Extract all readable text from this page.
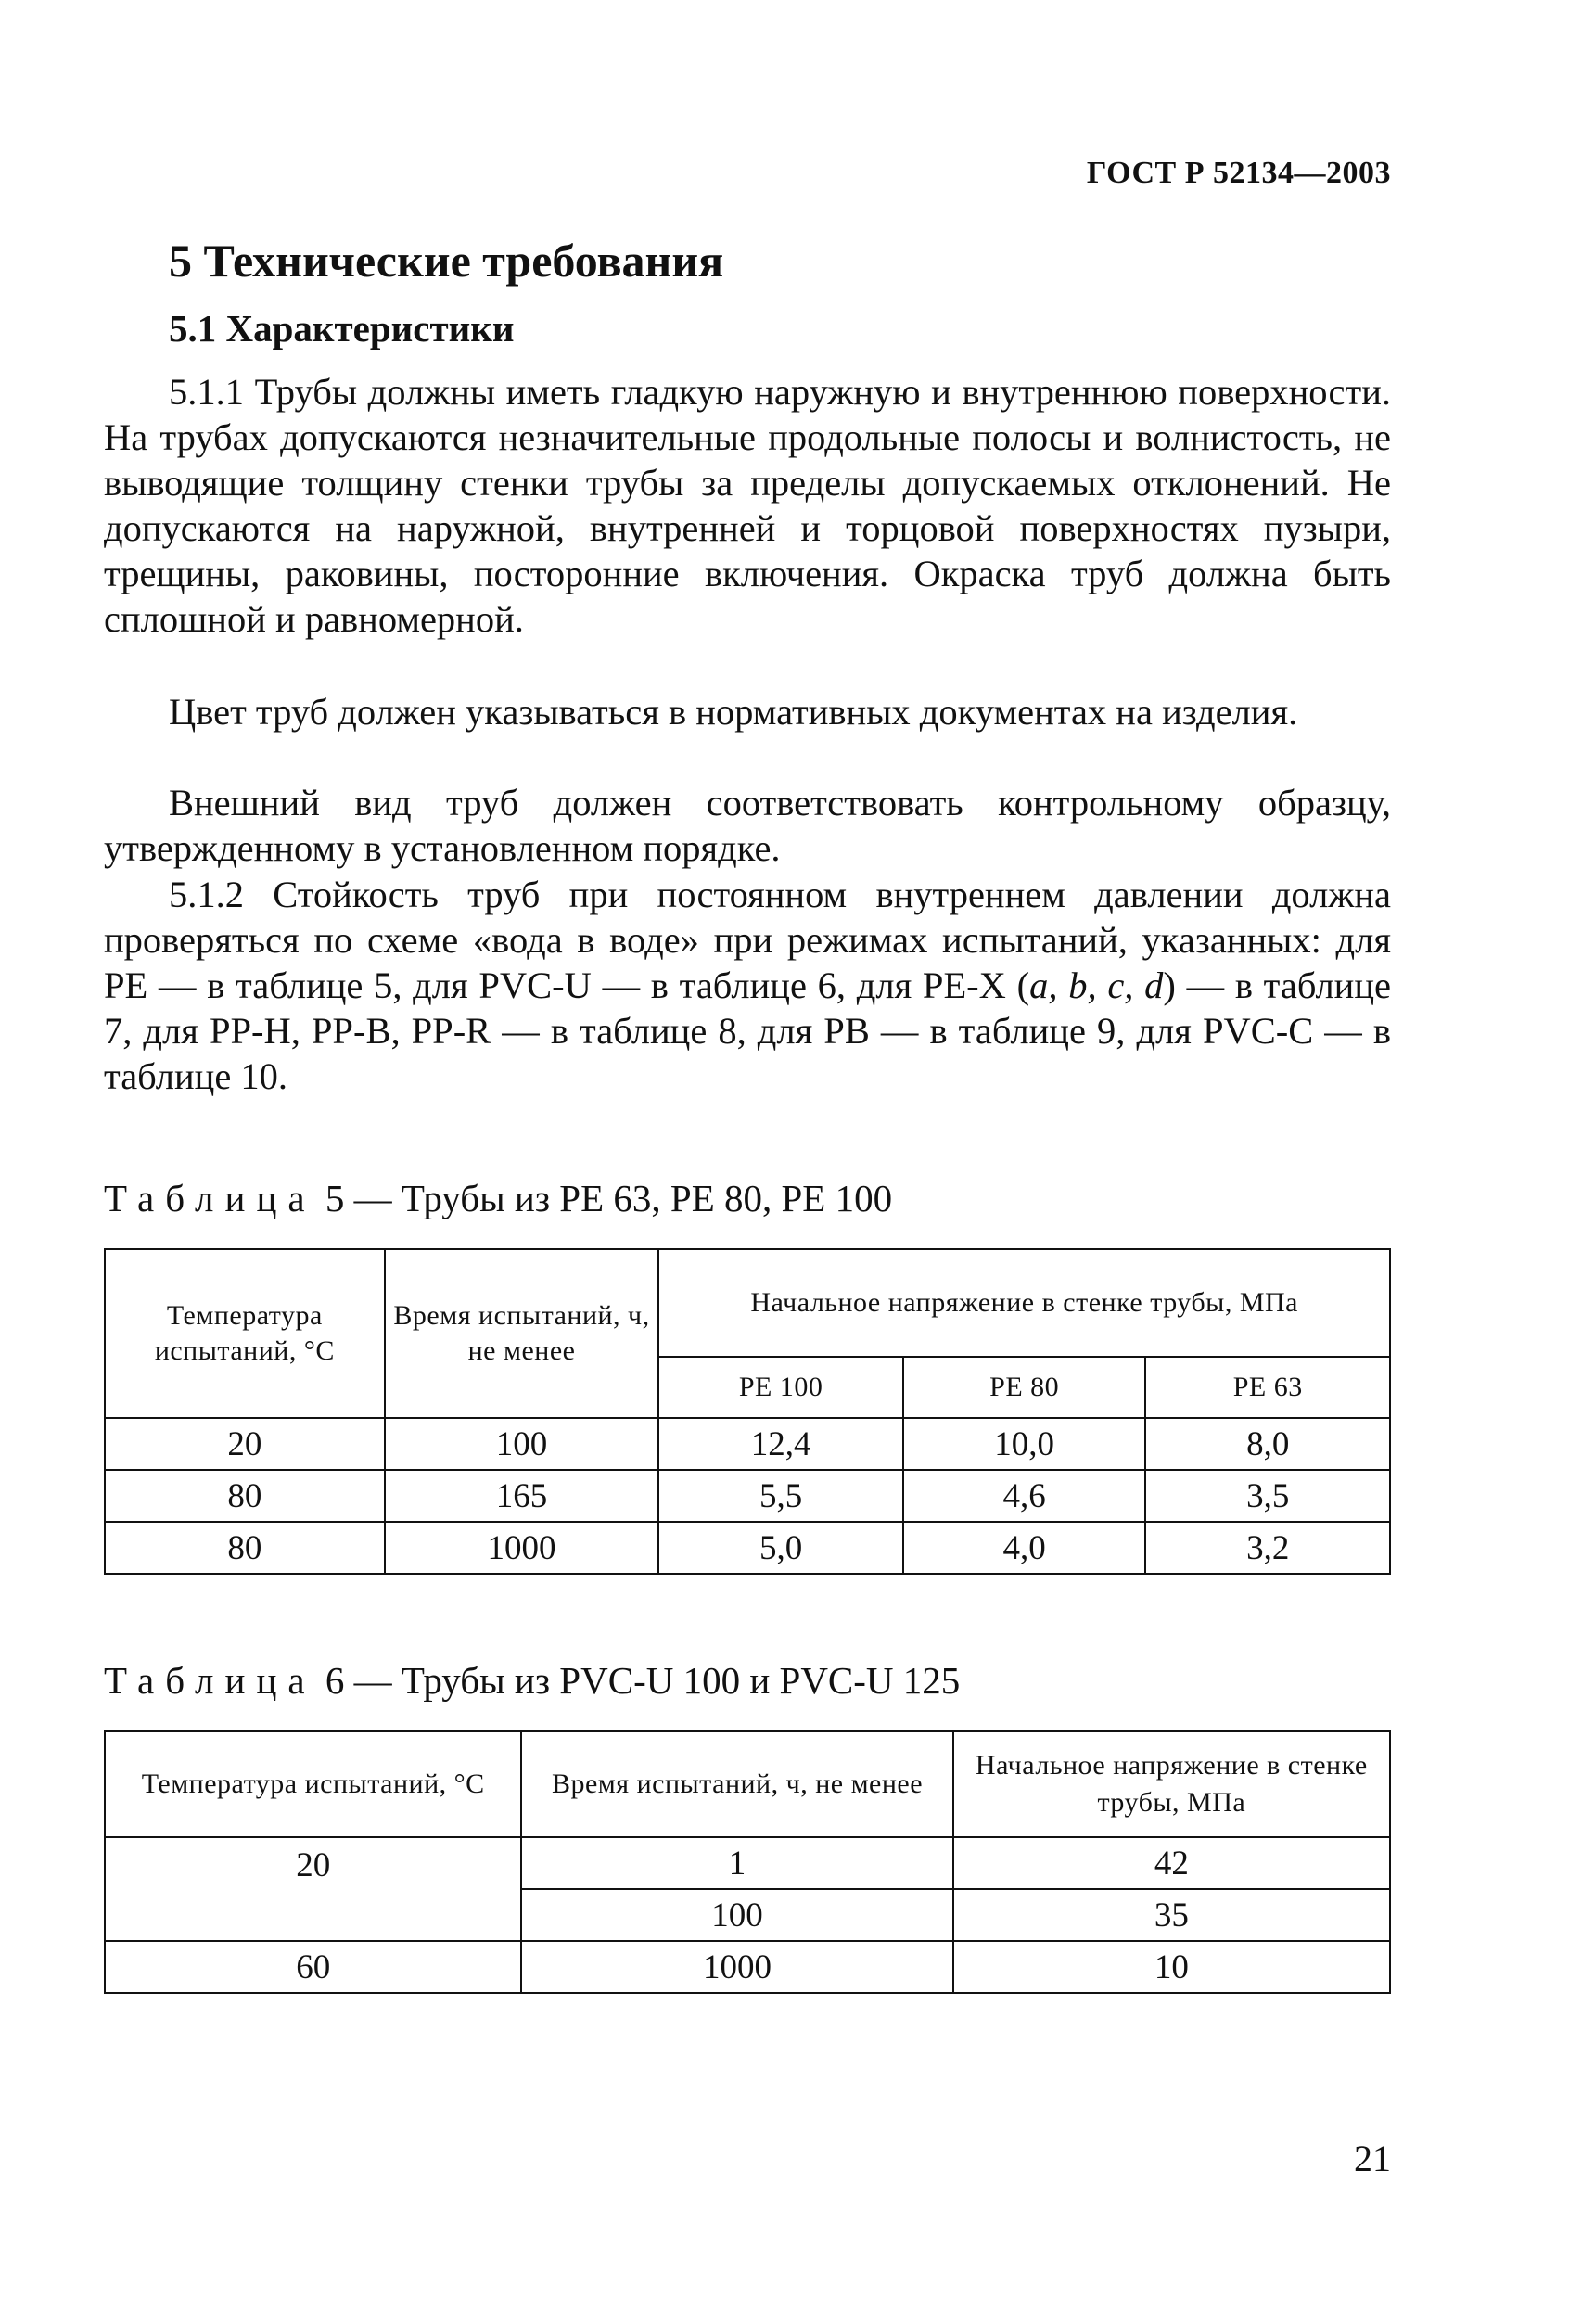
ГОСТ Р 52134—2003
5 Технические требования
5.1 Характеристики

5.1.1 Трубы должны иметь гладкую наружную и внутреннюю поверхности. На трубах допускаются незначительные продольные полосы и волнистость, не выводящие толщину стенки трубы за пределы допускаемых отклонений. Не допускаются на наружной, внутренней и торцовой поверхностях пузыри, трещины, раковины, посторонние включения. Окраска труб должна быть сплошной и равномерной.

Цвет труб должен указываться в нормативных документах на изделия.

Внешний вид труб должен соответствовать контрольному образцу, утвержденному в установленном порядке.

5.1.2 Стойкость труб при постоянном внутреннем давлении должна проверяться по схеме «вода в воде» при режимах испытаний, указанных: для PE — в таблице 5, для PVC-U — в таблице 6, для PE-X (a, b, c, d) — в таблице 7, для PP-H, PP-B, PP-R — в таблице 8, для PB — в таблице 9, для PVC-C — в таблице 10.

Таблица 5 — Трубы из PE 63, PE 80, PE 100
Температура испытаний, °С	Время испытаний, ч, не менее	Начальное напряжение в стенке трубы, МПа		
		PE 100	PE 80	PE 63
20	100	12,4	10,0	8,0
80	165	5,5	4,6	3,5
80	1000	5,0	4,0	3,2
Таблица 6 — Трубы из PVC-U 100 и PVC-U 125
Температура испытаний, °С	Время испытаний, ч, не менее	Начальное напряжение в стенке трубы, МПа
20	1	42
	100	35
60	1000	10
21
